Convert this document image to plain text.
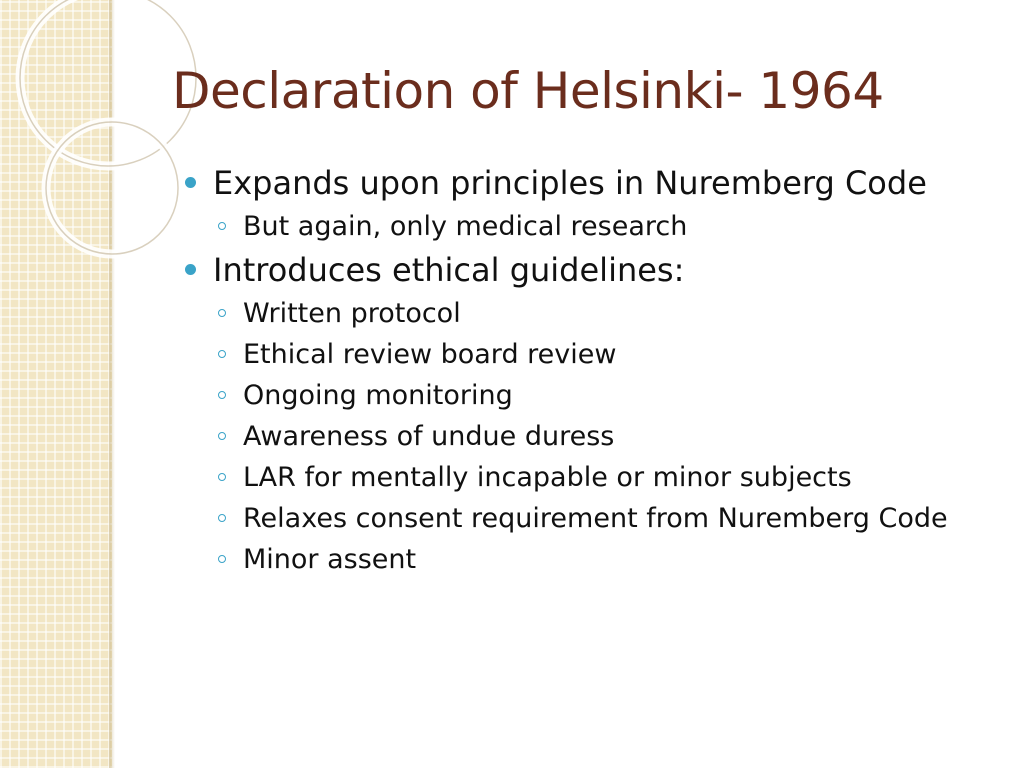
Declaration of Helsinki- 1964
Expands upon principles in Nuremberg Code
But again, only medical research
Introduces ethical guidelines:
Written protocol
Ethical review board review
Ongoing monitoring
Awareness of undue duress
LAR for mentally incapable or minor subjects
Relaxes consent requirement from Nuremberg Code
Minor assent
